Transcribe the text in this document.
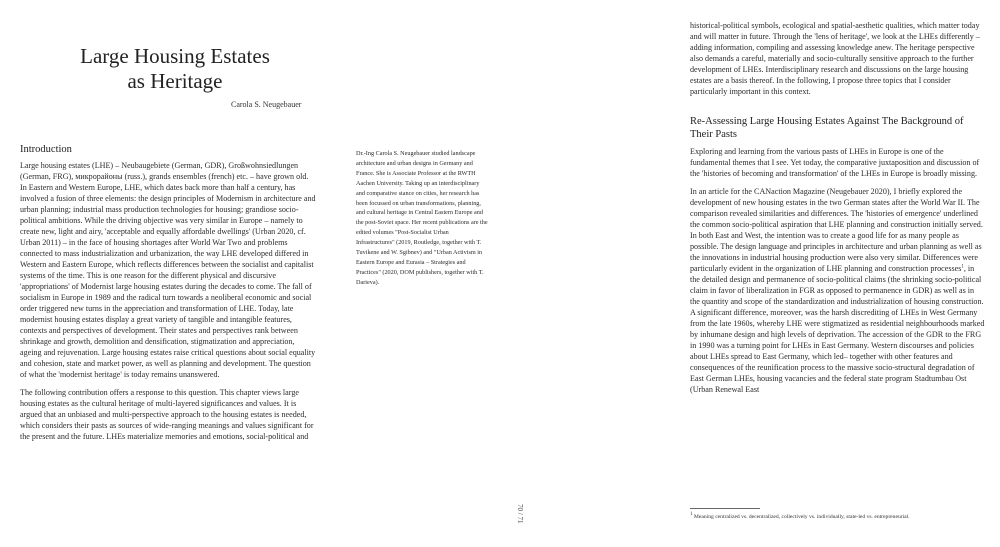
Large Housing Estates
as Heritage
Carola S. Neugebauer

Introduction

Large housing estates (LHE) – Neubaugebiete (German, GDR), Großwohnsiedlungen (German, FRG), микрорайоны (russ.), grands ensembles (french) etc. – have grown old. In Eastern and Western Europe, LHE, which dates back more than half a century, has involved a fusion of three elements: the design principles of Modernism in architecture and urban planning; industrial mass production technologies for housing; grandiose socio-political ambitions. While the driving objective was very similar in Europe – namely to create new, light and airy, 'acceptable and equally affordable dwellings' (Urban 2020, cf. Urban 2011) – in the face of housing shortages after World War Two and problems connected to mass industrialization and urbanization, the way LHE developed differed in Western and Eastern Europe, which reflects differences between the socialist and capitalist systems of the time. This is one reason for the different physical and discursive 'appropriations' of Modernist large housing estates during the decades to come. The fall of socialism in Europe in 1989 and the radical turn towards a neoliberal economic and social order triggered new turns in the appreciation and transformation of LHE. Today, late modernist housing estates display a great variety of tangible and intangible features, contexts and perspectives of development. Their states and perspectives rank between shrinkage and growth, demolition and densification, stigmatization and appreciation, ageing and rejuvenation. Large housing estates raise critical questions about social equality and cohesion, state and market power, as well as planning and development. The question of what the 'modernist heritage' is today remains unanswered.

The following contribution offers a response to this question. This chapter views large housing estates as the cultural heritage of multi-layered significances and values. It is argued that an unbiased and multi-perspective approach to the housing estates is needed, which considers their pasts as sources of wide-ranging meanings and values significant for the present and the future. LHEs materialize memories and emotions, social-political and

Dr.-Ing Carola S. Neugebauer studied landscape architecture and urban designs in Germany and France. She is Associate Professor at the RWTH Aachen University. Taking up an interdisciplinary and comparative stance on cities, her research has been focussed on urban transformations, planning, and cultural heritage in Central Eastern Europe and the post-Soviet space. Her recent publications are the edited volumes "Post-Socialist Urban Infrastructures" (2019, Routledge, together with T. Tuvikene and W. Sgibnev) and "Urban Activism in Eastern Europe and Eurasia – Strategies and Practices" (2020, DOM publishers, together with T. Darieva).

70 / 71

historical-political symbols, ecological and spatial-aesthetic qualities, which matter today and will matter in future. Through the 'lens of heritage', we look at the LHEs differently – adding information, compiling and assessing knowledge anew. The heritage perspective also demands a careful, materially and socio-culturally sensitive approach to the further development of LHEs. Interdisciplinary research and discussions on the large housing estates are a basis thereof. In the following, I propose three topics that I consider particularly important in this context.

Re-Assessing Large Housing Estates Against The Background of Their Pasts

Exploring and learning from the various pasts of LHEs in Europe is one of the fundamental themes that I see. Yet today, the comparative juxtaposition and discussion of the 'histories of becoming and transformation' of the LHEs in Europe is broadly missing.

In an article for the CANaction Magazine (Neugebauer 2020), I briefly explored the development of new housing estates in the two German states after the World War II. The comparison revealed similarities and differences. The 'histories of emergence' underlined the common socio-political aspiration that LHE planning and construction initially served. In both East and West, the intention was to create a good life for as many people as possible. The design language and principles in architecture and urban planning as well as the innovations in industrial housing production were also very similar. Differences were particularly evident in the organization of LHE planning and construction processes$^1$, in the detailed design and permanence of socio-political claims (the shrinking socio-political claim in favor of liberalization in FGR as opposed to permanence in GDR) as well as in the quantity and scope of the standardization and industrialization of housing construction. A significant difference, moreover, was the harsh discrediting of LHEs in West Germany from the late 1960s, whereby LHE were stigmatized as residential neighbourhoods marked by inhumane design and high levels of deprivation. The accession of the GDR to the FRG in 1990 was a turning point for LHEs in East Germany. Western discourses and policies about LHEs spread to East Germany, which led– together with other features and consequences of the reunification process to the massive socio-structural degradation of East German LHEs, housing vacancies and the federal state program Stadtumbau Ost (Urban Renewal East

$^1$ Meaning centralized vs. decentralized, collectively vs. individually, state-led vs. entrepreneurial.
